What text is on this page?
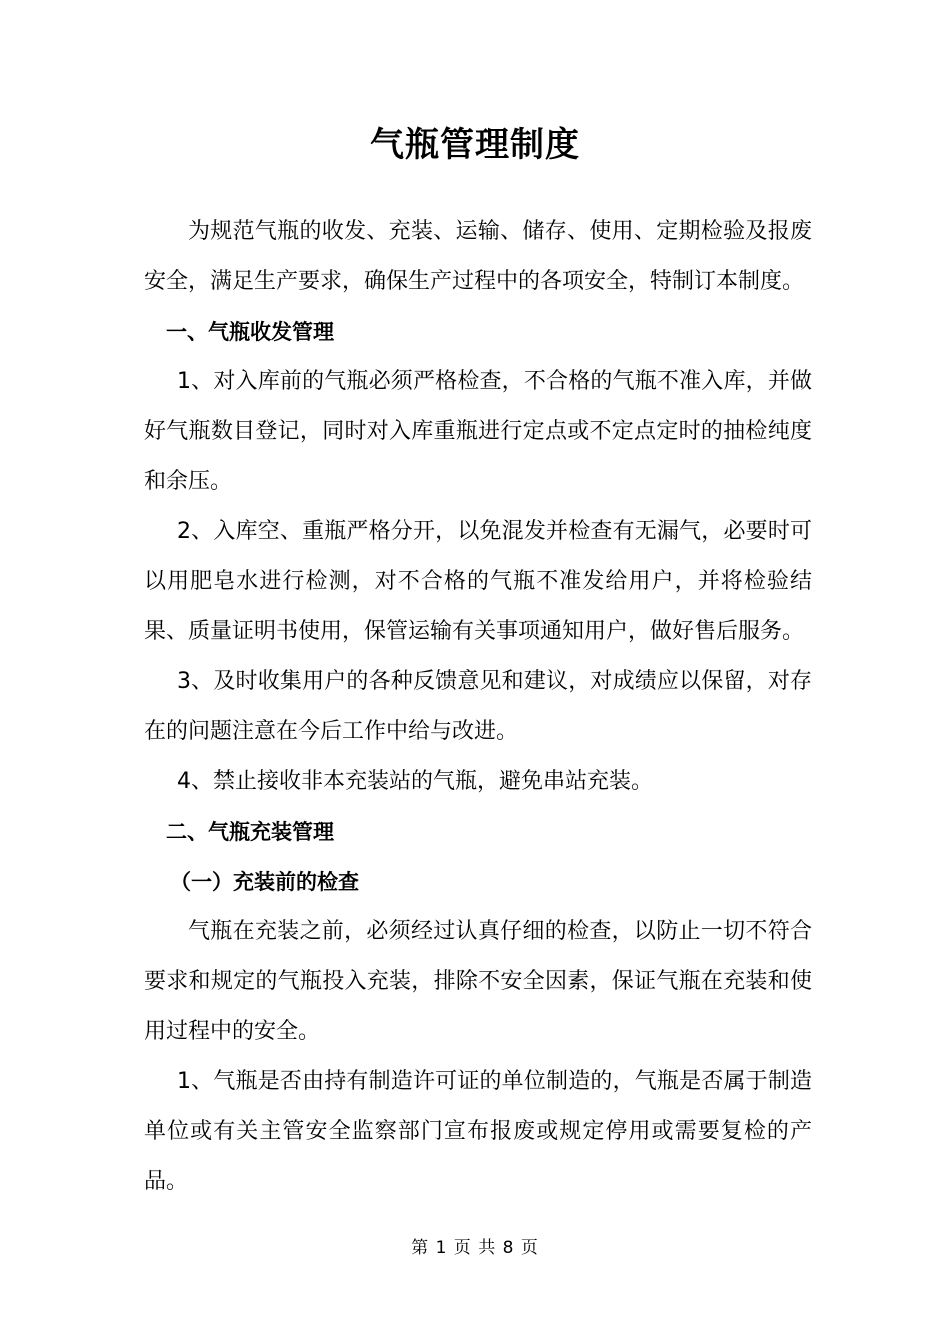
气瓶管理制度

为规范气瓶的收发、充装、运输、储存、使用、定期检验及报废安全，满足生产要求，确保生产过程中的各项安全，特制订本制度。

一、气瓶收发管理

1、对入库前的气瓶必须严格检查，不合格的气瓶不准入库，并做好气瓶数目登记，同时对入库重瓶进行定点或不定点定时的抽检纯度和余压。

2、入库空、重瓶严格分开，以免混发并检查有无漏气，必要时可以用肥皂水进行检测，对不合格的气瓶不准发给用户，并将检验结果、质量证明书使用，保管运输有关事项通知用户，做好售后服务。

3、及时收集用户的各种反馈意见和建议，对成绩应以保留，对存在的问题注意在今后工作中给与改进。

4、禁止接收非本充装站的气瓶，避免串站充装。

二、气瓶充装管理

（一）充装前的检查

气瓶在充装之前，必须经过认真仔细的检查，以防止一切不符合要求和规定的气瓶投入充装，排除不安全因素，保证气瓶在充装和使用过程中的安全。

1、气瓶是否由持有制造许可证的单位制造的，气瓶是否属于制造单位或有关主管安全监察部门宣布报废或规定停用或需要复检的产品。

第 1 页 共 8 页
